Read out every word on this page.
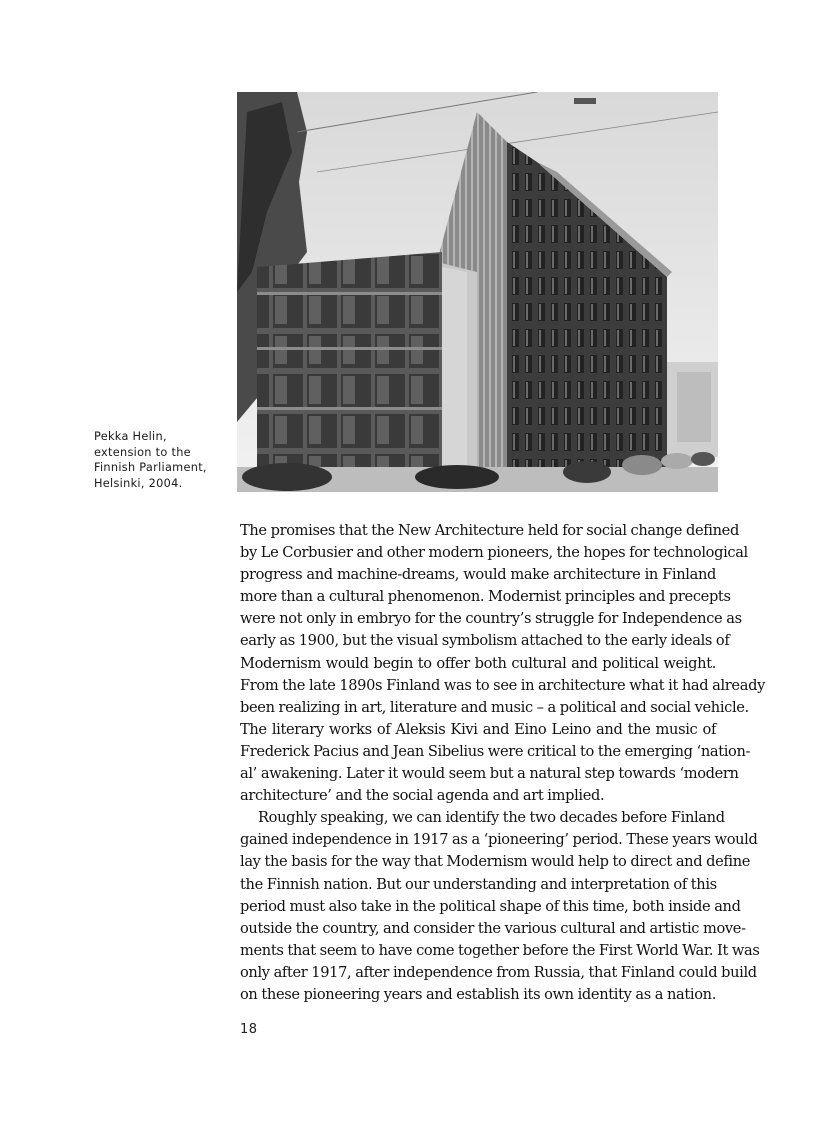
Pekka Helin,
extension to the
Finnish Parliament,
Helsinki, 2004.
The promises that the New Architecture held for social change defined
by Le Corbusier and other modern pioneers, the hopes for technological
progress and machine-dreams, would make architecture in Finland
more than a cultural phenomenon. Modernist principles and precepts
were not only in embryo for the country’s struggle for Independence as
early as 1900, but the visual symbolism attached to the early ideals of
Modernism would begin to offer both cultural and political weight.
From the late 1890s Finland was to see in architecture what it had already
been realizing in art, literature and music – a political and social vehicle.
The literary works of Aleksis Kivi and Eino Leino and the music of
Frederick Pacius and Jean Sibelius were critical to the emerging ‘nation-
al’ awakening. Later it would seem but a natural step towards ‘modern
architecture’ and the social agenda and art implied.
Roughly speaking, we can identify the two decades before Finland
gained independence in 1917 as a ‘pioneering’ period. These years would
lay the basis for the way that Modernism would help to direct and define
the Finnish nation. But our understanding and interpretation of this
period must also take in the political shape of this time, both inside and
outside the country, and consider the various cultural and artistic move-
ments that seem to have come together before the First World War. It was
only after 1917, after independence from Russia, that Finland could build
on these pioneering years and establish its own identity as a nation.
18
